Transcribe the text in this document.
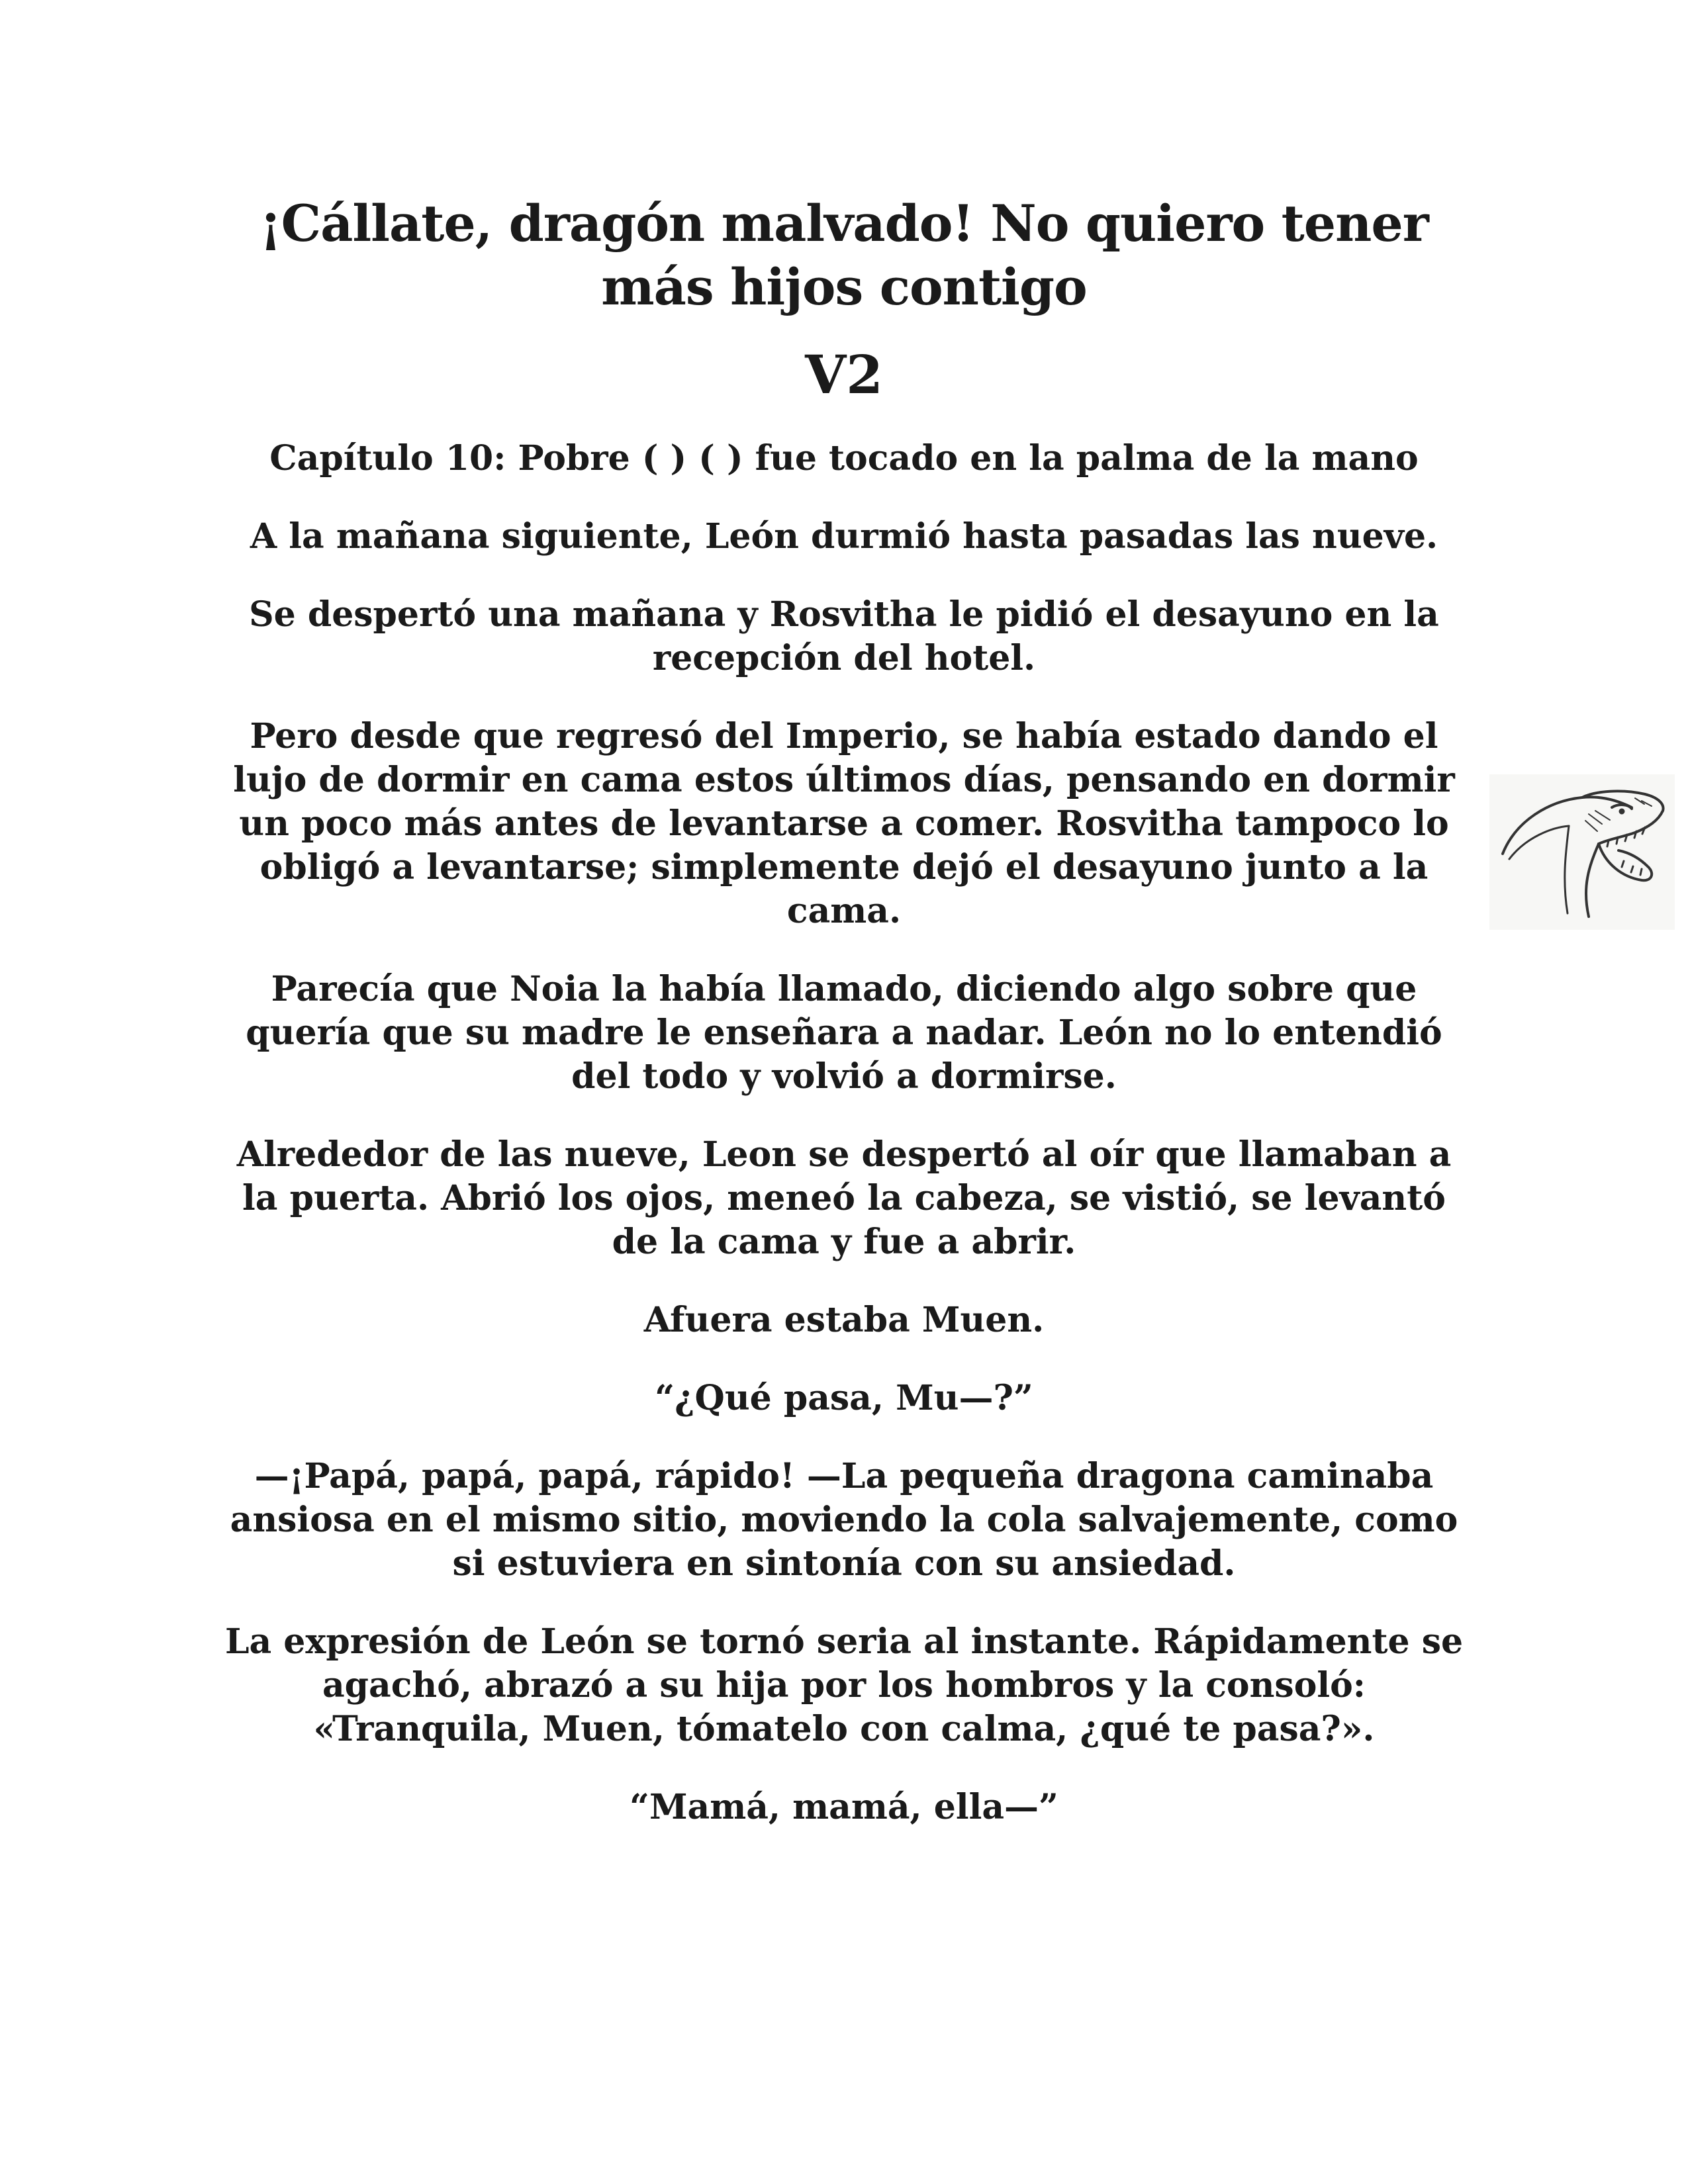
¡Cállate, dragón malvado! No quiero tener
más hijos contigo
V2
Capítulo 10: Pobre ( ) ( ) fue tocado en la palma de la mano

A la mañana siguiente, León durmió hasta pasadas las nueve.

Se despertó una mañana y Rosvitha le pidió el desayuno en la recepción del hotel.

Pero desde que regresó del Imperio, se había estado dando el lujo de dormir en cama estos últimos días, pensando en dormir un poco más antes de levantarse a comer. Rosvitha tampoco lo obligó a levantarse; simplemente dejó el desayuno junto a la cama.

Parecía que Noia la había llamado, diciendo algo sobre que quería que su madre le enseñara a nadar. León no lo entendió del todo y volvió a dormirse.

Alrededor de las nueve, Leon se despertó al oír que llamaban a la puerta. Abrió los ojos, meneó la cabeza, se vistió, se levantó de la cama y fue a abrir.

Afuera estaba Muen.

“¿Qué pasa, Mu—?”

—¡Papá, papá, papá, rápido! —La pequeña dragona caminaba ansiosa en el mismo sitio, moviendo la cola salvajemente, como si estuviera en sintonía con su ansiedad.

La expresión de León se tornó seria al instante. Rápidamente se agachó, abrazó a su hija por los hombros y la consoló: «Tranquila, Muen, tómatelo con calma, ¿qué te pasa?».

“Mamá, mamá, ella—”
